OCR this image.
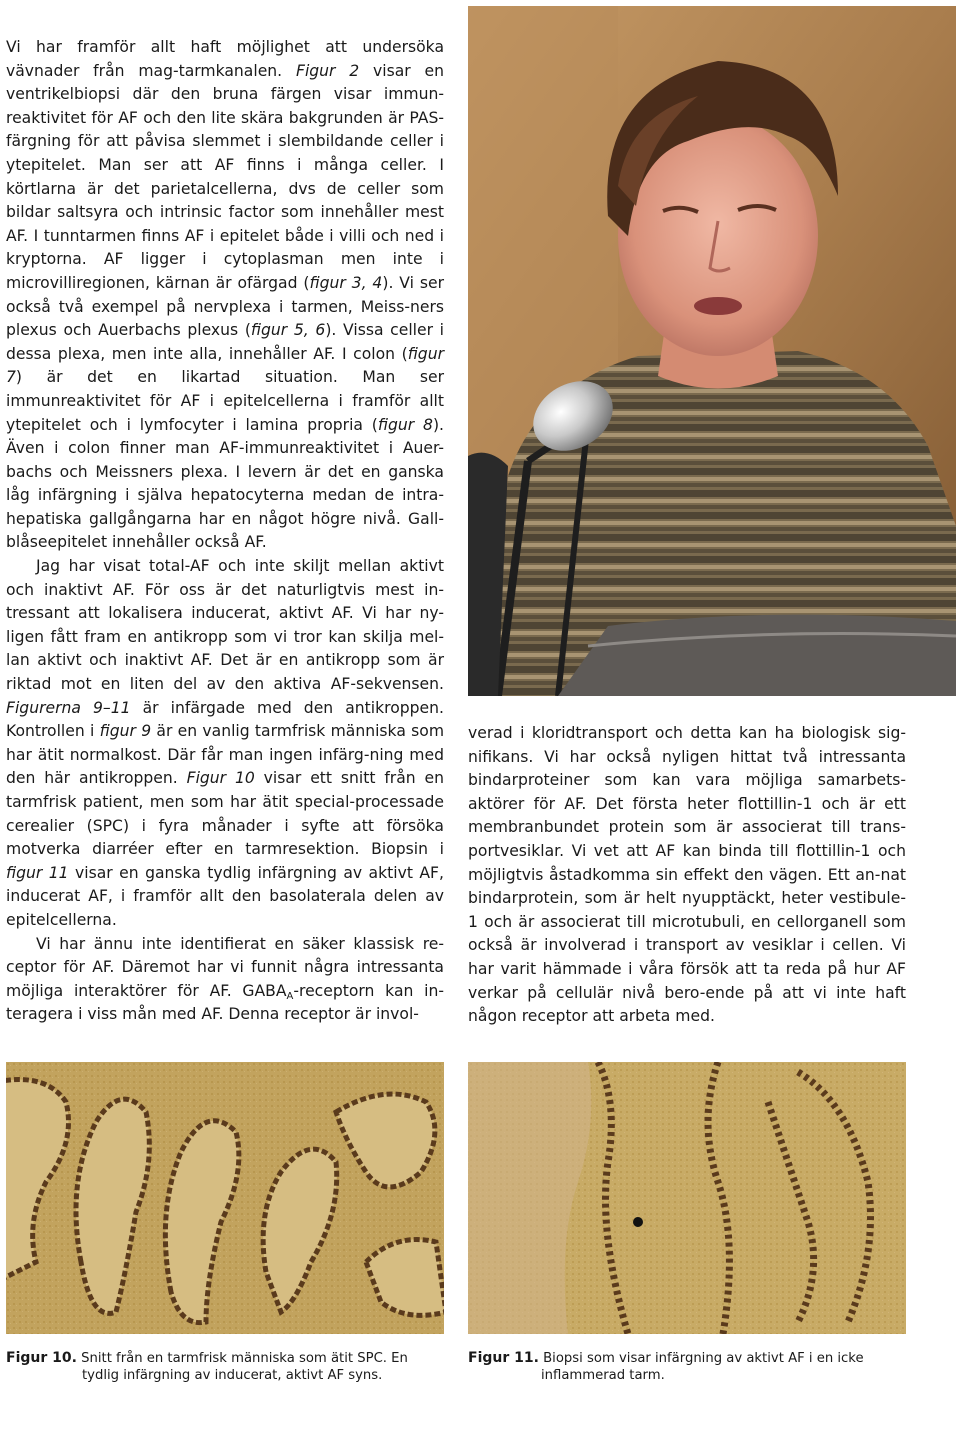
Vi har framför allt haft möjlighet att undersöka vävnader från mag-tarmkanalen. Figur 2 visar en ventrikelbiopsi där den bruna färgen visar immun-reaktivitet för AF och den lite skära bakgrunden är PAS-färgning för att påvisa slemmet i slembildande celler i ytepitelet. Man ser att AF finns i många celler. I körtlarna är det parietalcellerna, dvs de celler som bildar saltsyra och intrinsic factor som innehåller mest AF. I tunntarmen finns AF i epitelet både i villi och ned i kryptorna. AF ligger i cytoplasman men inte i microvilliregionen, kärnan är ofärgad (figur 3, 4). Vi ser också två exempel på nervplexa i tarmen, Meiss-ners plexus och Auerbachs plexus (figur 5, 6). Vissa celler i dessa plexa, men inte alla, innehåller AF. I colon (figur 7) är det en likartad situation. Man ser immunreaktivitet för AF i epitelcellerna i framför allt ytepitelet och i lymfocyter i lamina propria (figur 8). Även i colon finner man AF-immunreaktivitet i Auer-bachs och Meissners plexa. I levern är det en ganska låg infärgning i själva hepatocyterna medan de intra-hepatiska gallgångarna har en något högre nivå. Gall-blåseepitelet innehåller också AF.

Jag har visat total-AF och inte skiljt mellan aktivt och inaktivt AF. För oss är det naturligtvis mest in-tressant att lokalisera inducerat, aktivt AF. Vi har ny-ligen fått fram en antikropp som vi tror kan skilja mel-lan aktivt och inaktivt AF. Det är en antikropp som är riktad mot en liten del av den aktiva AF-sekvensen. Figurerna 9–11 är infärgade med den antikroppen. Kontrollen i figur 9 är en vanlig tarmfrisk människa som har ätit normalkost. Där får man ingen infärg-ning med den här antikroppen. Figur 10 visar ett snitt från en tarmfrisk patient, men som har ätit special-processade cerealier (SPC) i fyra månader i syfte att försöka motverka diarréer efter en tarmresektion. Biopsin i figur 11 visar en ganska tydlig infärgning av aktivt AF, inducerat AF, i framför allt den basolaterala delen av epitelcellerna.

Vi har ännu inte identifierat en säker klassisk re-ceptor för AF. Däremot har vi funnit några intressanta möjliga interaktörer för AF. $GABA_A$-receptorn kan in-teragera i viss mån med AF. Denna receptor är invol-

verad i kloridtransport och detta kan ha biologisk sig-nifikans. Vi har också nyligen hittat två intressanta bindarproteiner som kan vara möjliga samarbets-aktörer för AF. Det första heter flottillin-1 och är ett membranbundet protein som är associerat till trans-portvesiklar. Vi vet att AF kan binda till flottillin-1 och möjligtvis åstadkomma sin effekt den vägen. Ett an-nat bindarprotein, som är helt nyupptäckt, heter vestibule-1 och är associerat till microtubuli, en cellorganell som också är involverad i transport av vesiklar i cellen. Vi har varit hämmade i våra försök att ta reda på hur AF verkar på cellulär nivå bero-ende på att vi inte haft någon receptor att arbeta med.

Figur 10. Snitt från en tarmfrisk människa som ätit SPC. En
tydlig infärgning av inducerat, aktivt AF syns.
Figur 11. Biopsi som visar infärgning av aktivt AF i en icke
inflammerad tarm.
